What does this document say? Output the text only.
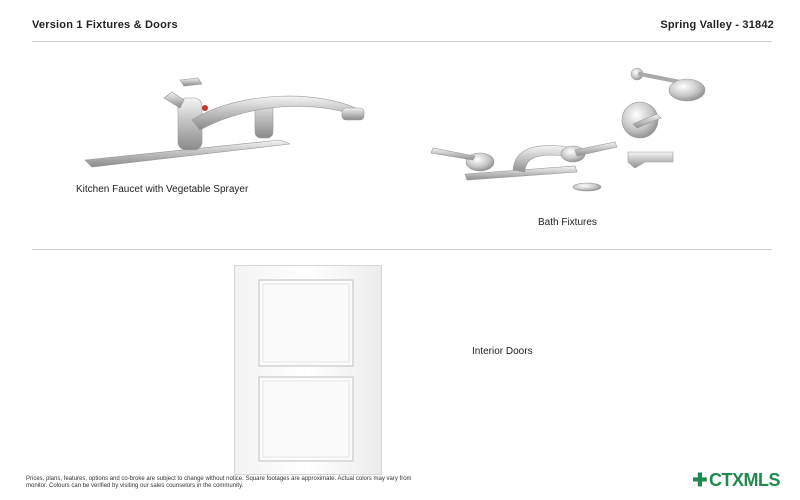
Version 1 Fixtures & Doors	Spring Valley - 31842
Kitchen Faucet with Vegetable Sprayer
Bath Fixtures
Interior Doors
Prices, plans, features, options and co-broke are subject to change without notice. Square footages are approximate. Actual colors may vary from
monitor. Colours can be verified by visiting our sales counselors in the community.	✚ CTXMLS
